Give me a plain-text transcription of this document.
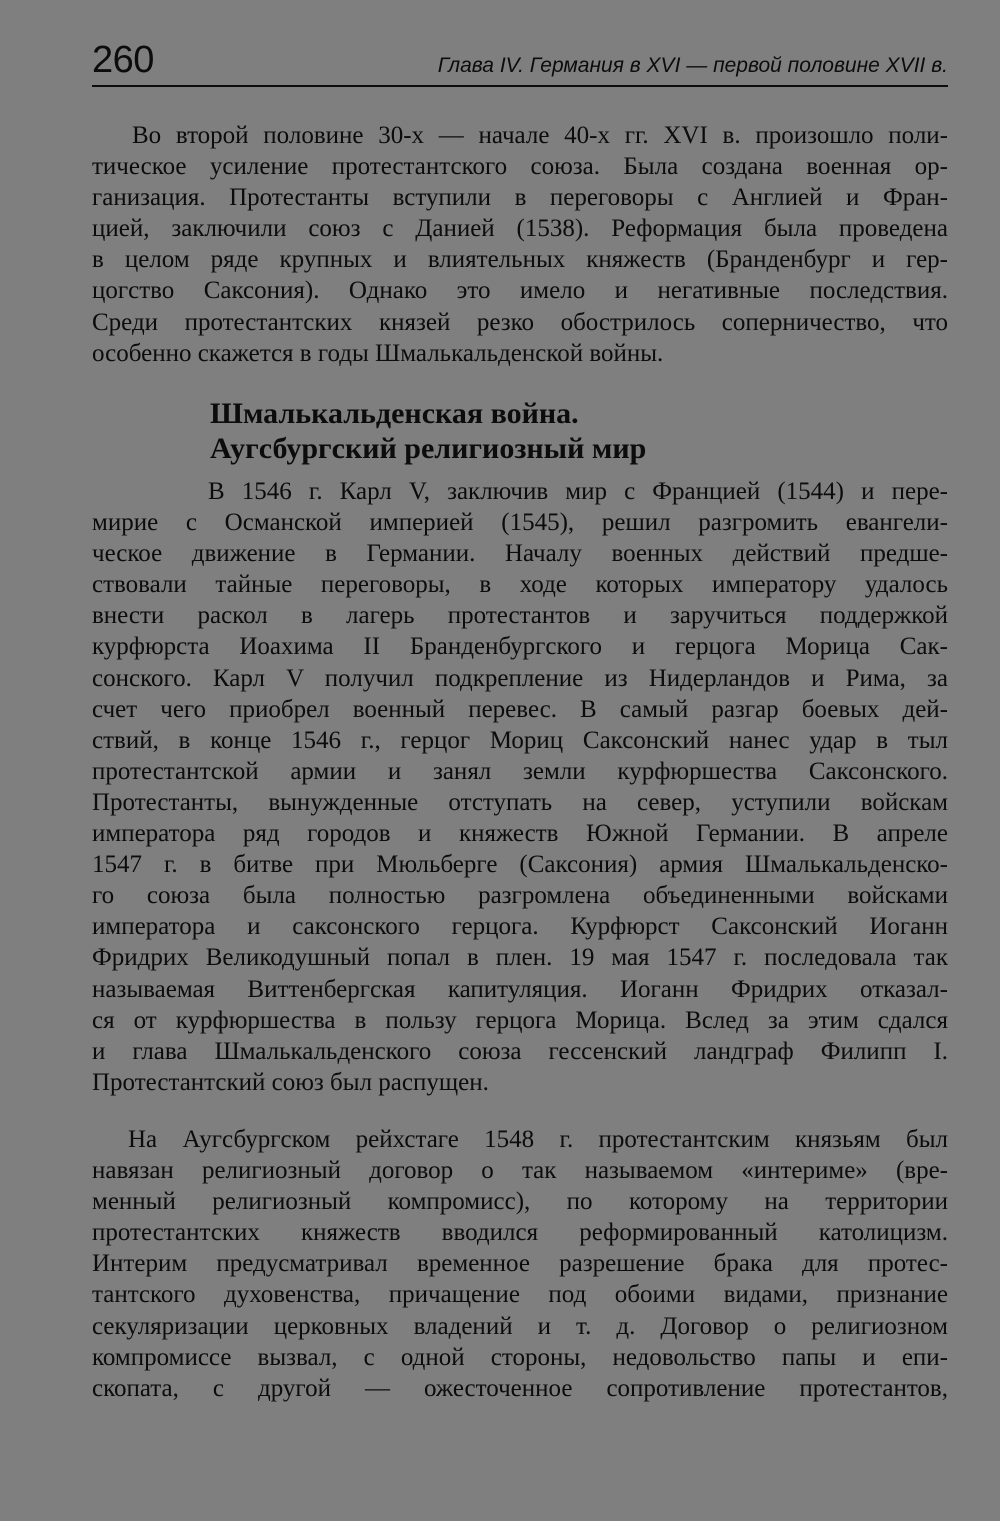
260	Глава IV. Германия в XVI — первой половине XVII в.
Во второй половине 30-х — начале 40-х гг. XVI в. произошло поли-
тическое усиление протестантского союза. Была создана военная ор-
ганизация. Протестанты вступили в переговоры с Англией и Фран-
цией, заключили союз с Данией (1538). Реформация была проведена
в целом ряде крупных и влиятельных княжеств (Бранденбург и гер-
цогство Саксония). Однако это имело и негативные последствия.
Среди протестантских князей резко обострилось соперничество, что
особенно скажется в годы Шмалькальденской войны.
Шмалькальденская война.
Аугсбургский религиозный мир
В 1546 г. Карл V, заключив мир с Францией (1544) и пере-
мирие с Османской империей (1545), решил разгромить евангели-
ческое движение в Германии. Началу военных действий предше-
ствовали тайные переговоры, в ходе которых императору удалось
внести раскол в лагерь протестантов и заручиться поддержкой
курфюрста Иоахима II Бранденбургского и герцога Морица Сак-
сонского. Карл V получил подкрепление из Нидерландов и Рима, за
счет чего приобрел военный перевес. В самый разгар боевых дей-
ствий, в конце 1546 г., герцог Мориц Саксонский нанес удар в тыл
протестантской армии и занял земли курфюршества Саксонского.
Протестанты, вынужденные отступать на север, уступили войскам
императора ряд городов и княжеств Южной Германии. В апреле
1547 г. в битве при Мюльберге (Саксония) армия Шмалькальденско-
го союза была полностью разгромлена объединенными войсками
императора и саксонского герцога. Курфюрст Саксонский Иоганн
Фридрих Великодушный попал в плен. 19 мая 1547 г. последовала так
называемая Виттенбергская капитуляция. Иоганн Фридрих отказал-
ся от курфюршества в пользу герцога Морица. Вслед за этим сдался
и глава Шмалькальденского союза гессенский ландграф Филипп I.
Протестантский союз был распущен.
На Аугсбургском рейхстаге 1548 г. протестантским князьям был
навязан религиозный договор о так называемом «интериме» (вре-
менный религиозный компромисс), по которому на территории
протестантских княжеств вводился реформированный католицизм.
Интерим предусматривал временное разрешение брака для протес-
тантского духовенства, причащение под обоими видами, признание
секуляризации церковных владений и т. д. Договор о религиозном
компромиссе вызвал, с одной стороны, недовольство папы и епи-
скопата, с другой — ожесточенное сопротивление протестантов,
